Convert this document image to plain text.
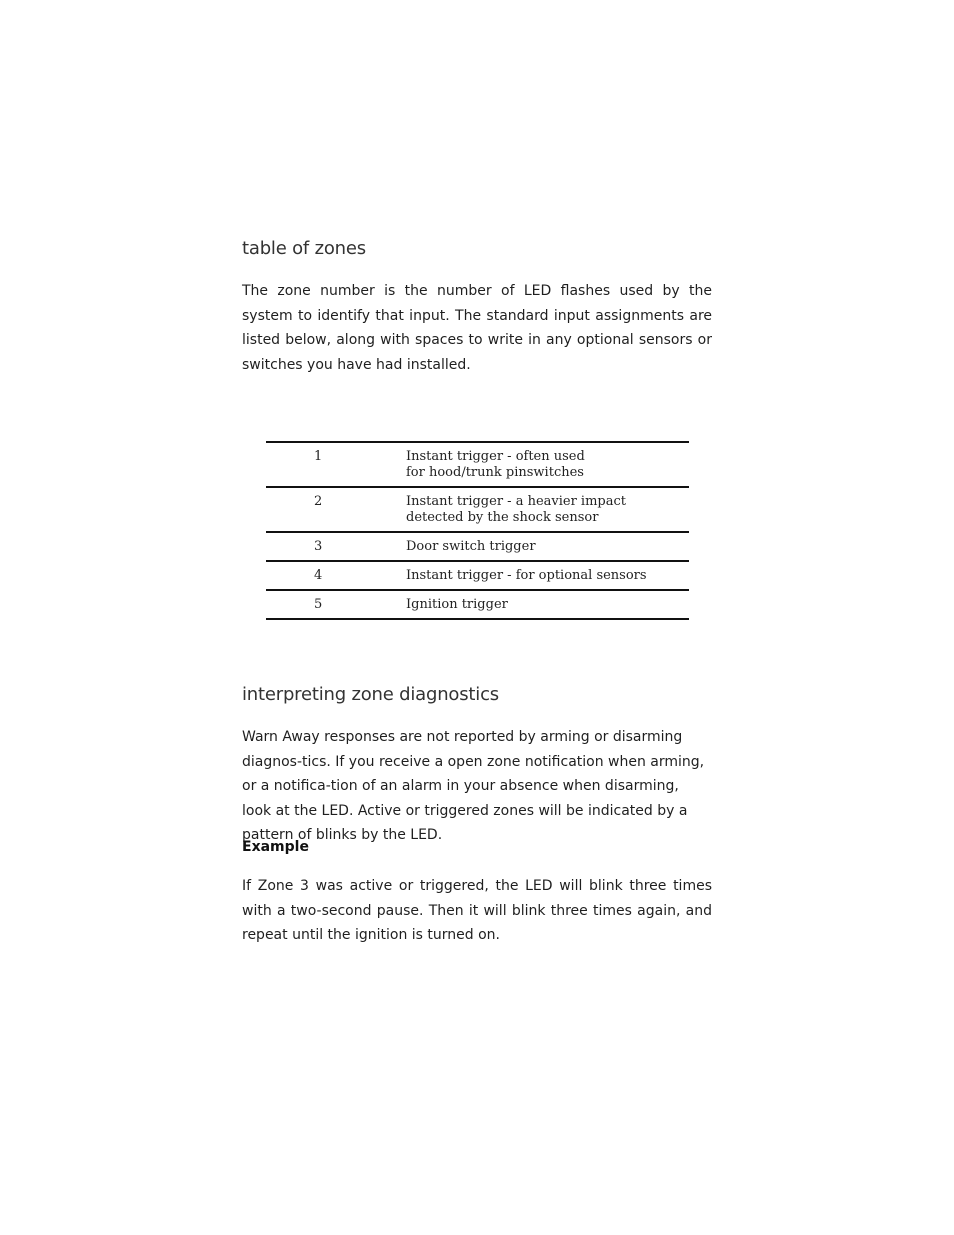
table of zones

The zone number is the number of LED flashes used by the system to identify that input. The standard input assignments are listed below, along with spaces to write in any optional sensors or switches you have had installed.

1	Instant trigger - often used
for hood/trunk pinswitches
2	Instant trigger - a heavier impact
detected by the shock sensor
3	Door switch trigger
4	Instant trigger - for optional sensors
5	Ignition trigger
interpreting zone diagnostics

Warn Away responses are not reported by arming or disarming diagnos-tics. If you receive a open zone notification when arming, or a notifica-tion of an alarm in your absence when disarming, look at the LED. Active or triggered zones will be indicated by a pattern of blinks by the LED.

Example

If Zone 3 was active or triggered, the LED will blink three times with a two-second pause. Then it will blink three times again, and repeat until the ignition is turned on.
